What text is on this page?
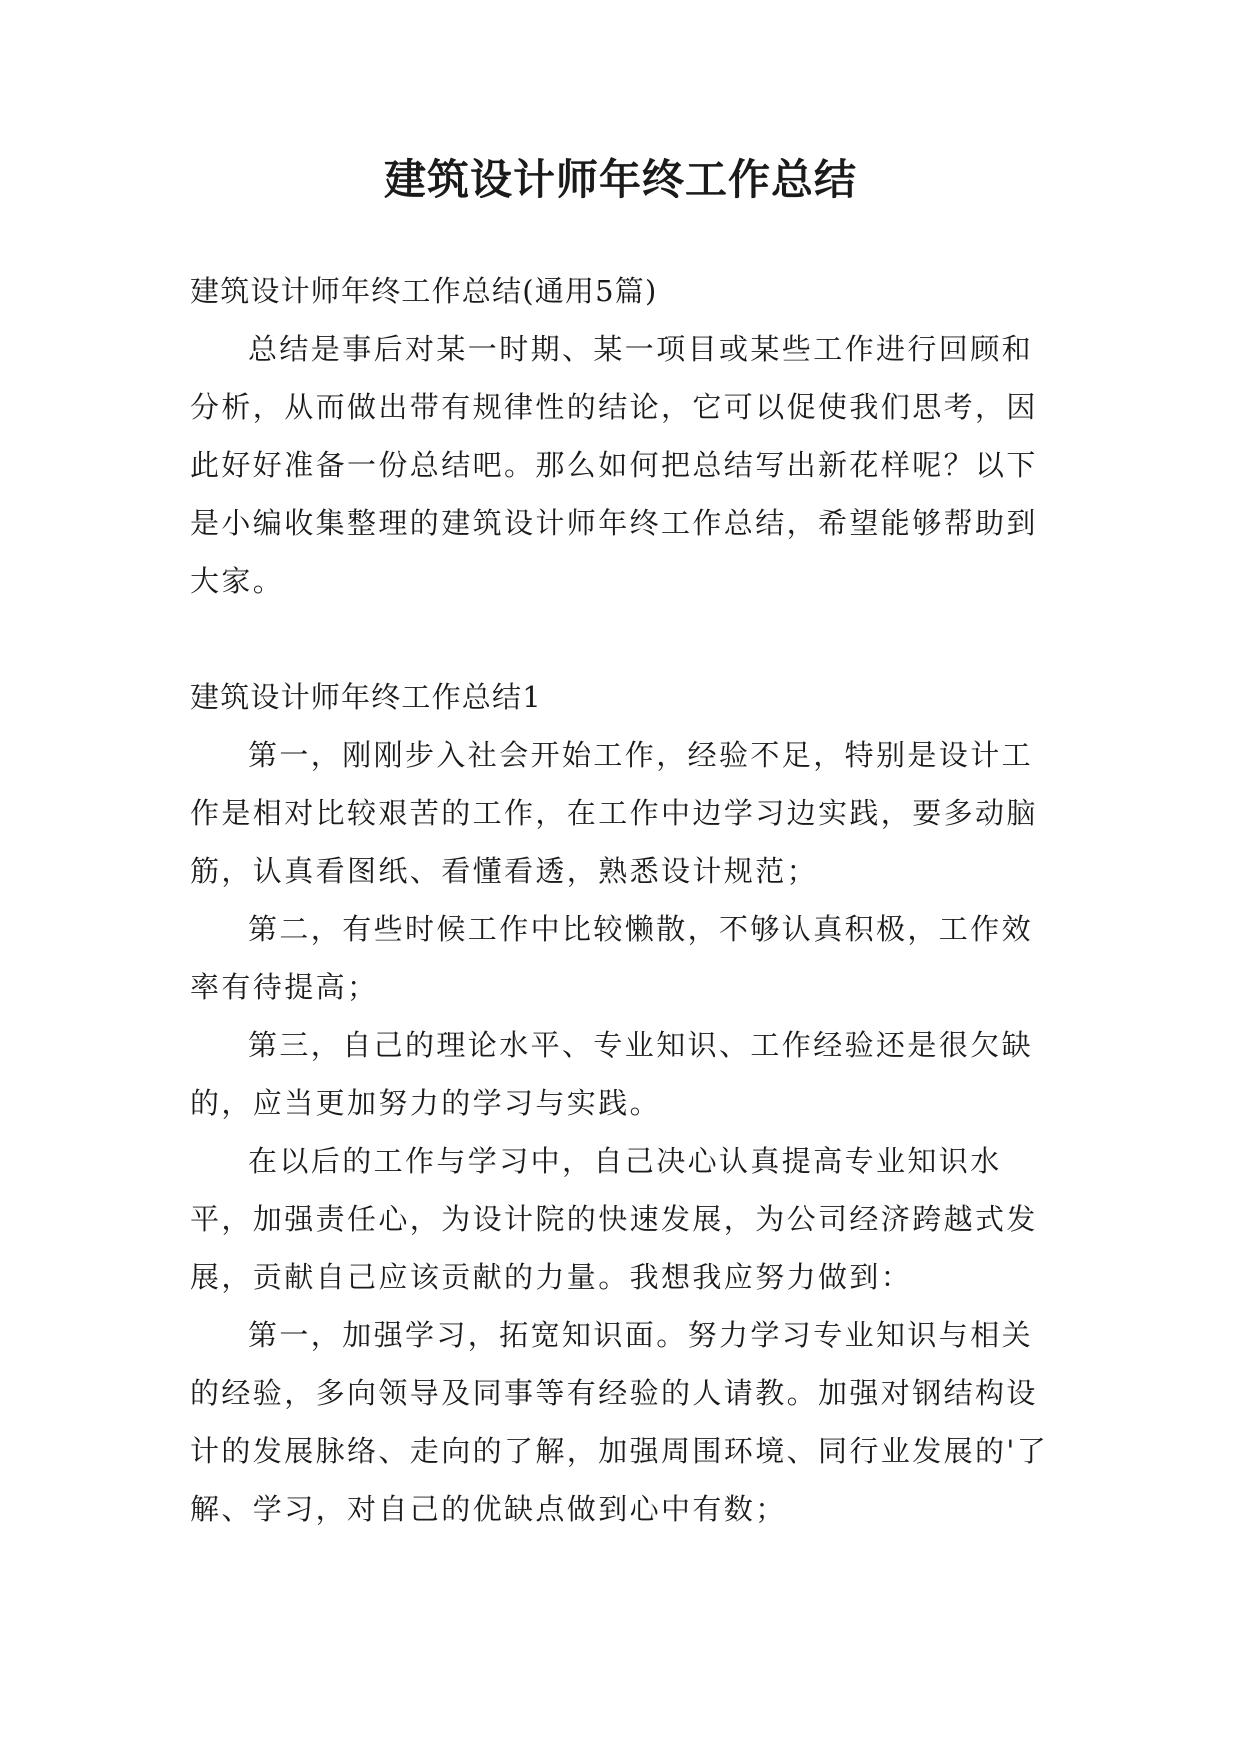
建筑设计师年终工作总结

建筑设计师年终工作总结(通用5篇)

总结是事后对某一时期、某一项目或某些工作进行回顾和分析，从而做出带有规律性的结论，它可以促使我们思考，因此好好准备一份总结吧。那么如何把总结写出新花样呢？以下是小编收集整理的建筑设计师年终工作总结，希望能够帮助到大家。

建筑设计师年终工作总结1

第一，刚刚步入社会开始工作，经验不足，特别是设计工作是相对比较艰苦的工作，在工作中边学习边实践，要多动脑筋，认真看图纸、看懂看透，熟悉设计规范；

第二，有些时候工作中比较懒散，不够认真积极，工作效率有待提高；

第三，自己的理论水平、专业知识、工作经验还是很欠缺的，应当更加努力的学习与实践。

在以后的工作与学习中，自己决心认真提高专业知识水平，加强责任心，为设计院的快速发展，为公司经济跨越式发展，贡献自己应该贡献的力量。我想我应努力做到：

第一，加强学习，拓宽知识面。努力学习专业知识与相关的经验，多向领导及同事等有经验的人请教。加强对钢结构设计的发展脉络、走向的了解，加强周围环境、同行业发展的'了解、学习，对自己的优缺点做到心中有数；
